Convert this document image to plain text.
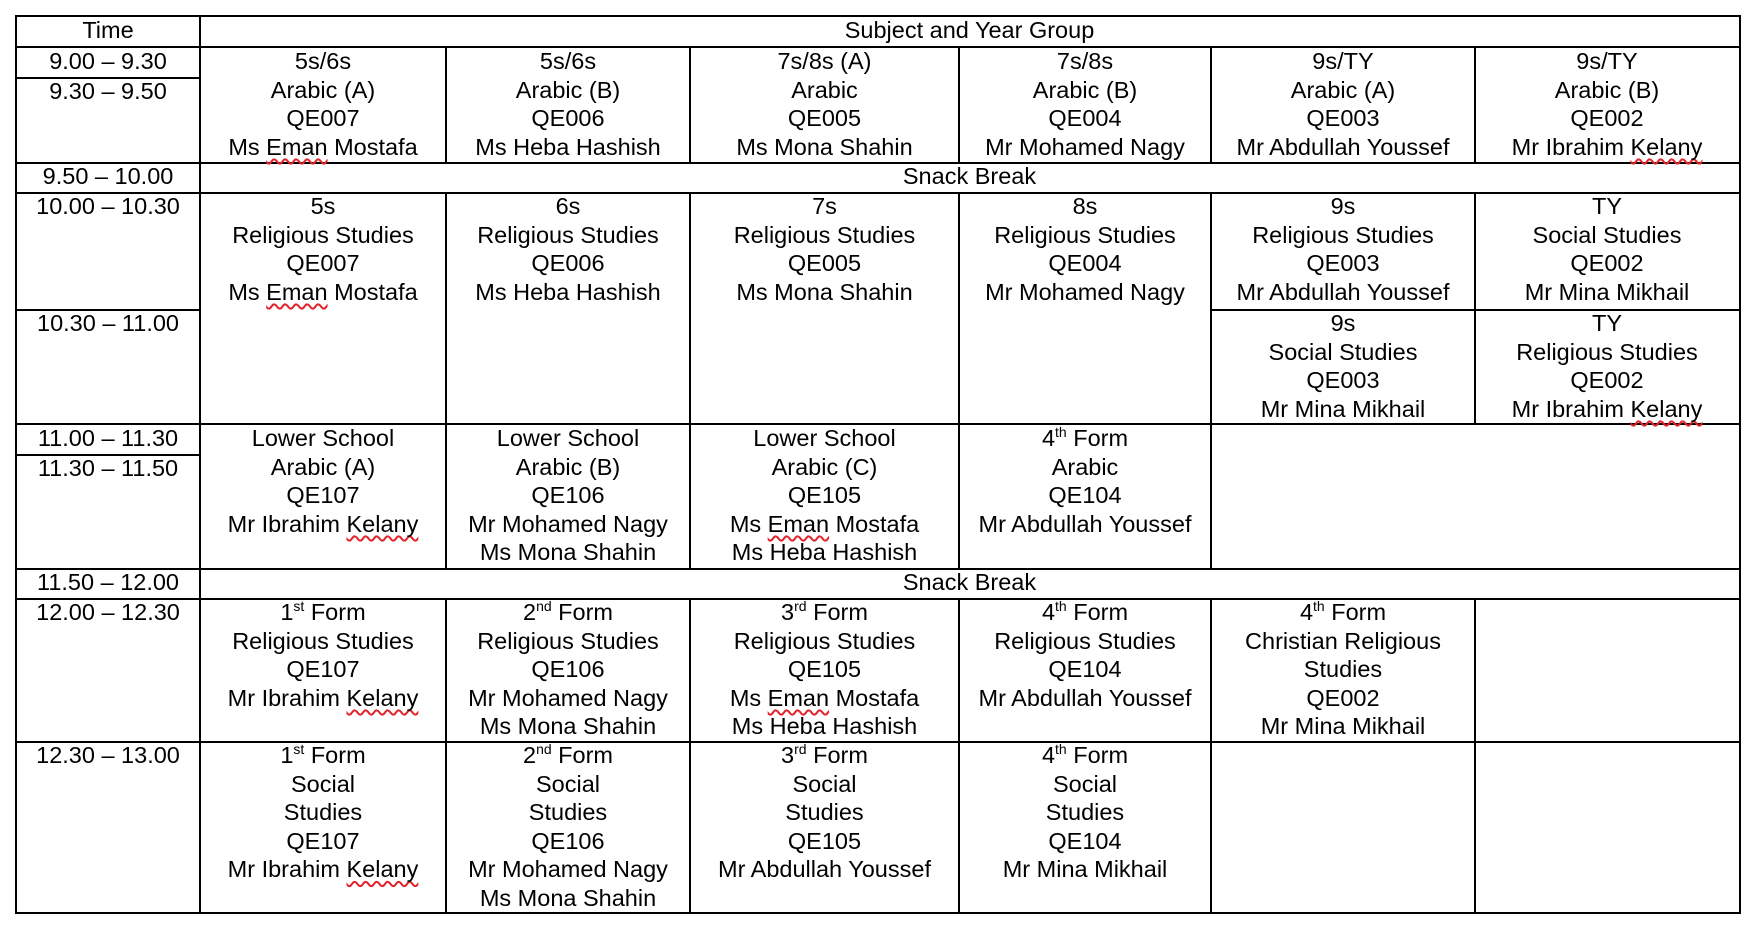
Time	Subject and Year Group
9.00 – 9.30
9.30 – 9.50
9.50 – 10.00
10.00 – 10.30
10.30 – 11.00
11.00 – 11.30
11.30 – 11.50
11.50 – 12.00
12.00 – 12.30
12.30 – 13.00
Snack Break
Snack Break
5s/6s
Arabic (A)
QE007
Ms Eman Mostafa
5s/6s
Arabic (B)
QE006
Ms Heba Hashish
7s/8s (A)
Arabic
QE005
Ms Mona Shahin
7s/8s
Arabic (B)
QE004
Mr Mohamed Nagy
9s/TY
Arabic (A)
QE003
Mr Abdullah Youssef
9s/TY
Arabic (B)
QE002
Mr Ibrahim Kelany
5s
Religious Studies
QE007
Ms Eman Mostafa
6s
Religious Studies
QE006
Ms Heba Hashish
7s
Religious Studies
QE005
Ms Mona Shahin
8s
Religious Studies
QE004
Mr Mohamed Nagy
9s
Religious Studies
QE003
Mr Abdullah Youssef
TY
Social Studies
QE002
Mr Mina Mikhail
9s
Social Studies
QE003
Mr Mina Mikhail
TY
Religious Studies
QE002
Mr Ibrahim Kelany
Lower School
Arabic (A)
QE107
Mr Ibrahim Kelany
Lower School
Arabic (B)
QE106
Mr Mohamed Nagy
Ms Mona Shahin
Lower School
Arabic (C)
QE105
Ms Eman Mostafa
Ms Heba Hashish
4th Form
Arabic
QE104
Mr Abdullah Youssef
1st Form
Religious Studies
QE107
Mr Ibrahim Kelany
2nd Form
Religious Studies
QE106
Mr Mohamed Nagy
Ms Mona Shahin
3rd Form
Religious Studies
QE105
Ms Eman Mostafa
Ms Heba Hashish
4th Form
Religious Studies
QE104
Mr Abdullah Youssef
4th Form
Christian Religious
Studies
QE002
Mr Mina Mikhail
1st Form
Social
Studies
QE107
Mr Ibrahim Kelany
2nd Form
Social
Studies
QE106
Mr Mohamed Nagy
Ms Mona Shahin
3rd Form
Social
Studies
QE105
Mr Abdullah Youssef
4th Form
Social
Studies
QE104
Mr Mina Mikhail
